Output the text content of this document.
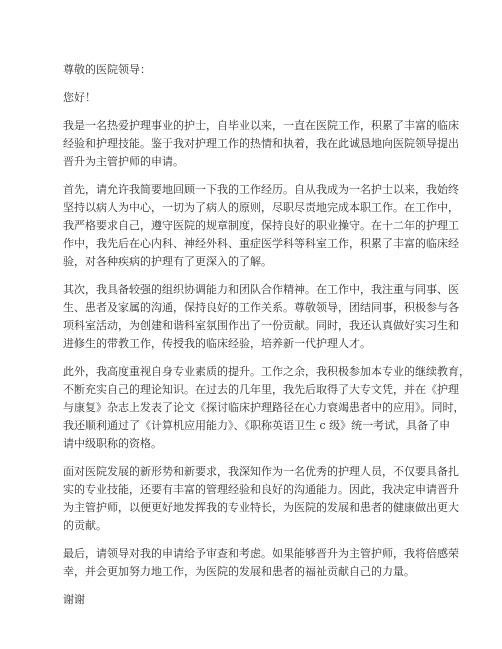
尊敬的医院领导：
您好！
我是一名热爱护理事业的护士，自毕业以来，一直在医院工作，积累了丰富的临床
经验和护理技能。鉴于我对护理工作的热情和执着，我在此诚恳地向医院领导提出
晋升为主管护师的申请。
首先，请允许我简要地回顾一下我的工作经历。自从我成为一名护士以来，我始终
坚持以病人为中心，一切为了病人的原则，尽职尽责地完成本职工作。在工作中，
我严格要求自己，遵守医院的规章制度，保持良好的职业操守。在十二年的护理工
作中，我先后在心内科、神经外科、重症医学科等科室工作，积累了丰富的临床经
验，对各种疾病的护理有了更深入的了解。
其次，我具备较强的组织协调能力和团队合作精神。在工作中，我注重与同事、医
生、患者及家属的沟通，保持良好的工作关系。尊敬领导，团结同事，积极参与各
项科室活动，为创建和谐科室氛围作出了一份贡献。同时，我还认真做好实习生和
进修生的带教工作，传授我的临床经验，培养新一代护理人才。
此外，我高度重视自身专业素质的提升。工作之余，我积极参加本专业的继续教育，
不断充实自己的理论知识。在过去的几年里，我先后取得了大专文凭，并在《护理
与康复》杂志上发表了论文《探讨临床护理路径在心力衰竭患者中的应用》。同时，
我还顺利通过了《计算机应用能力》、《职称英语卫生 c 级》统一考试，具备了申
请中级职称的资格。
面对医院发展的新形势和新要求，我深知作为一名优秀的护理人员，不仅要具备扎
实的专业技能，还要有丰富的管理经验和良好的沟通能力。因此，我决定申请晋升
为主管护师，以便更好地发挥我的专业特长，为医院的发展和患者的健康做出更大
的贡献。
最后，请领导对我的申请给予审查和考虑。如果能够晋升为主管护师，我将倍感荣
幸，并会更加努力地工作，为医院的发展和患者的福祉贡献自己的力量。
谢谢
